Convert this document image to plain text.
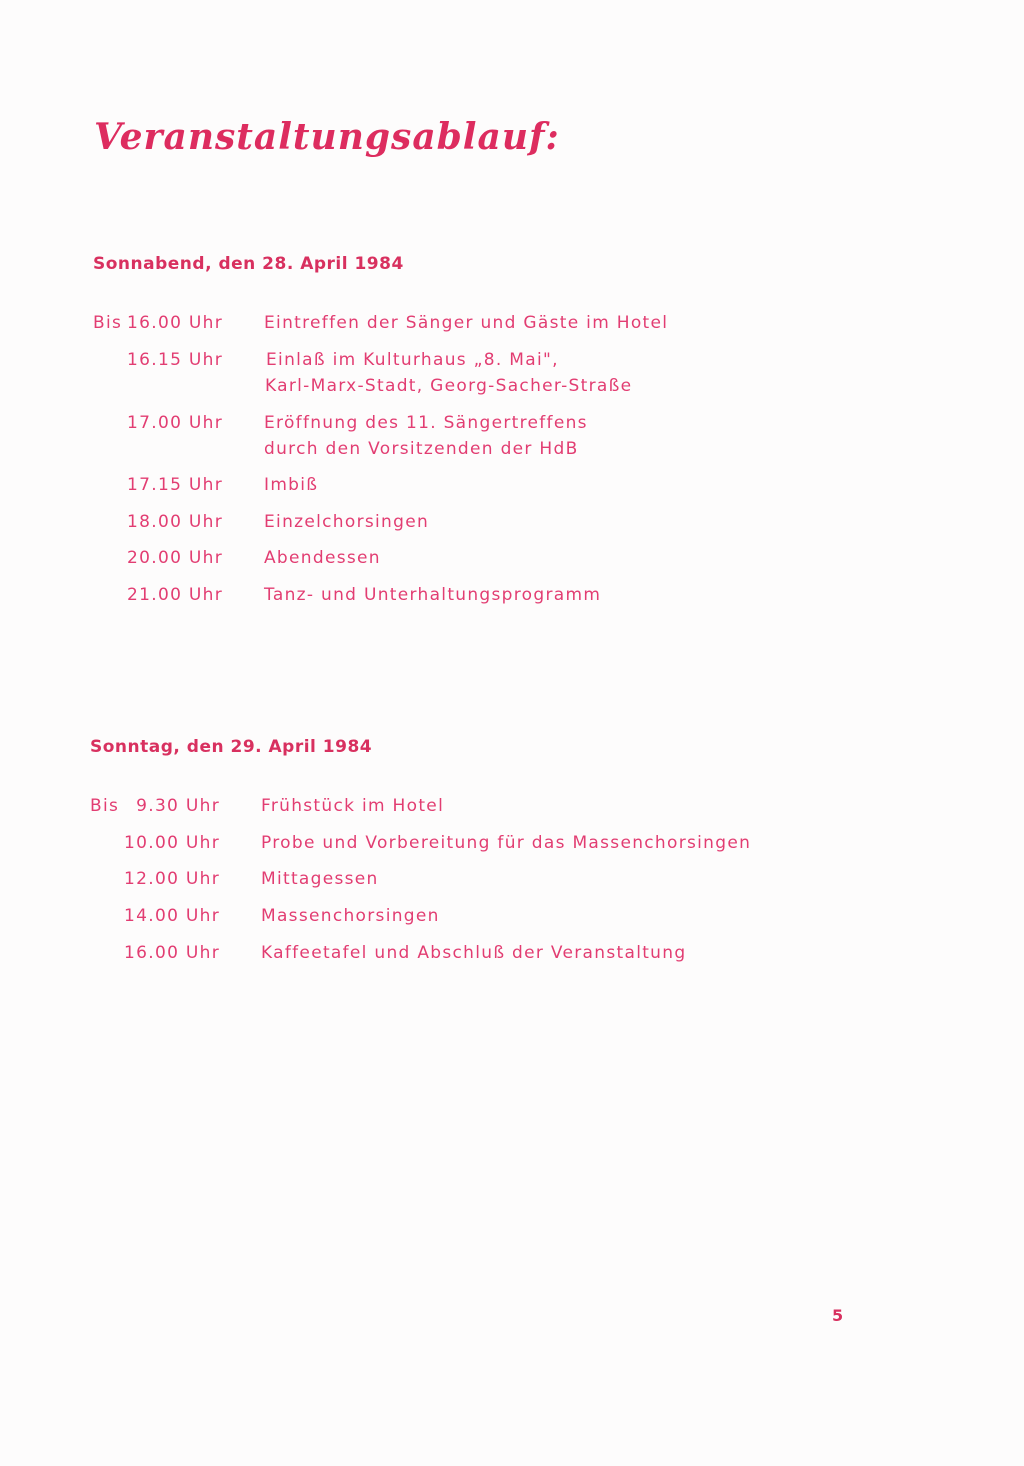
Veranstaltungsablauf:
Sonnabend, den 28. April 1984
Bis 16.00 Uhr Eintreffen der Sänger und Gäste im Hotel
16.15 Uhr	Einlaß im Kulturhaus „8. Mai",
Karl-Marx-Stadt, Georg-Sacher-Straße
17.00 Uhr Eröffnung des 11. Sängertreffens
durch den Vorsitzenden der HdB
17.15 Uhr Imbiß
18.00 Uhr Einzelchorsingen
20.00 Uhr Abendessen
21.00 Uhr Tanz- und Unterhaltungsprogramm
Sonntag, den 29. April 1984
Bis 9.30 Uhr Frühstück im Hotel
10.00 Uhr Probe und Vorbereitung für das Massenchorsingen
12.00 Uhr Mittagessen
14.00 Uhr Massenchorsingen
16.00 Uhr Kaffeetafel und Abschluß der Veranstaltung
5
